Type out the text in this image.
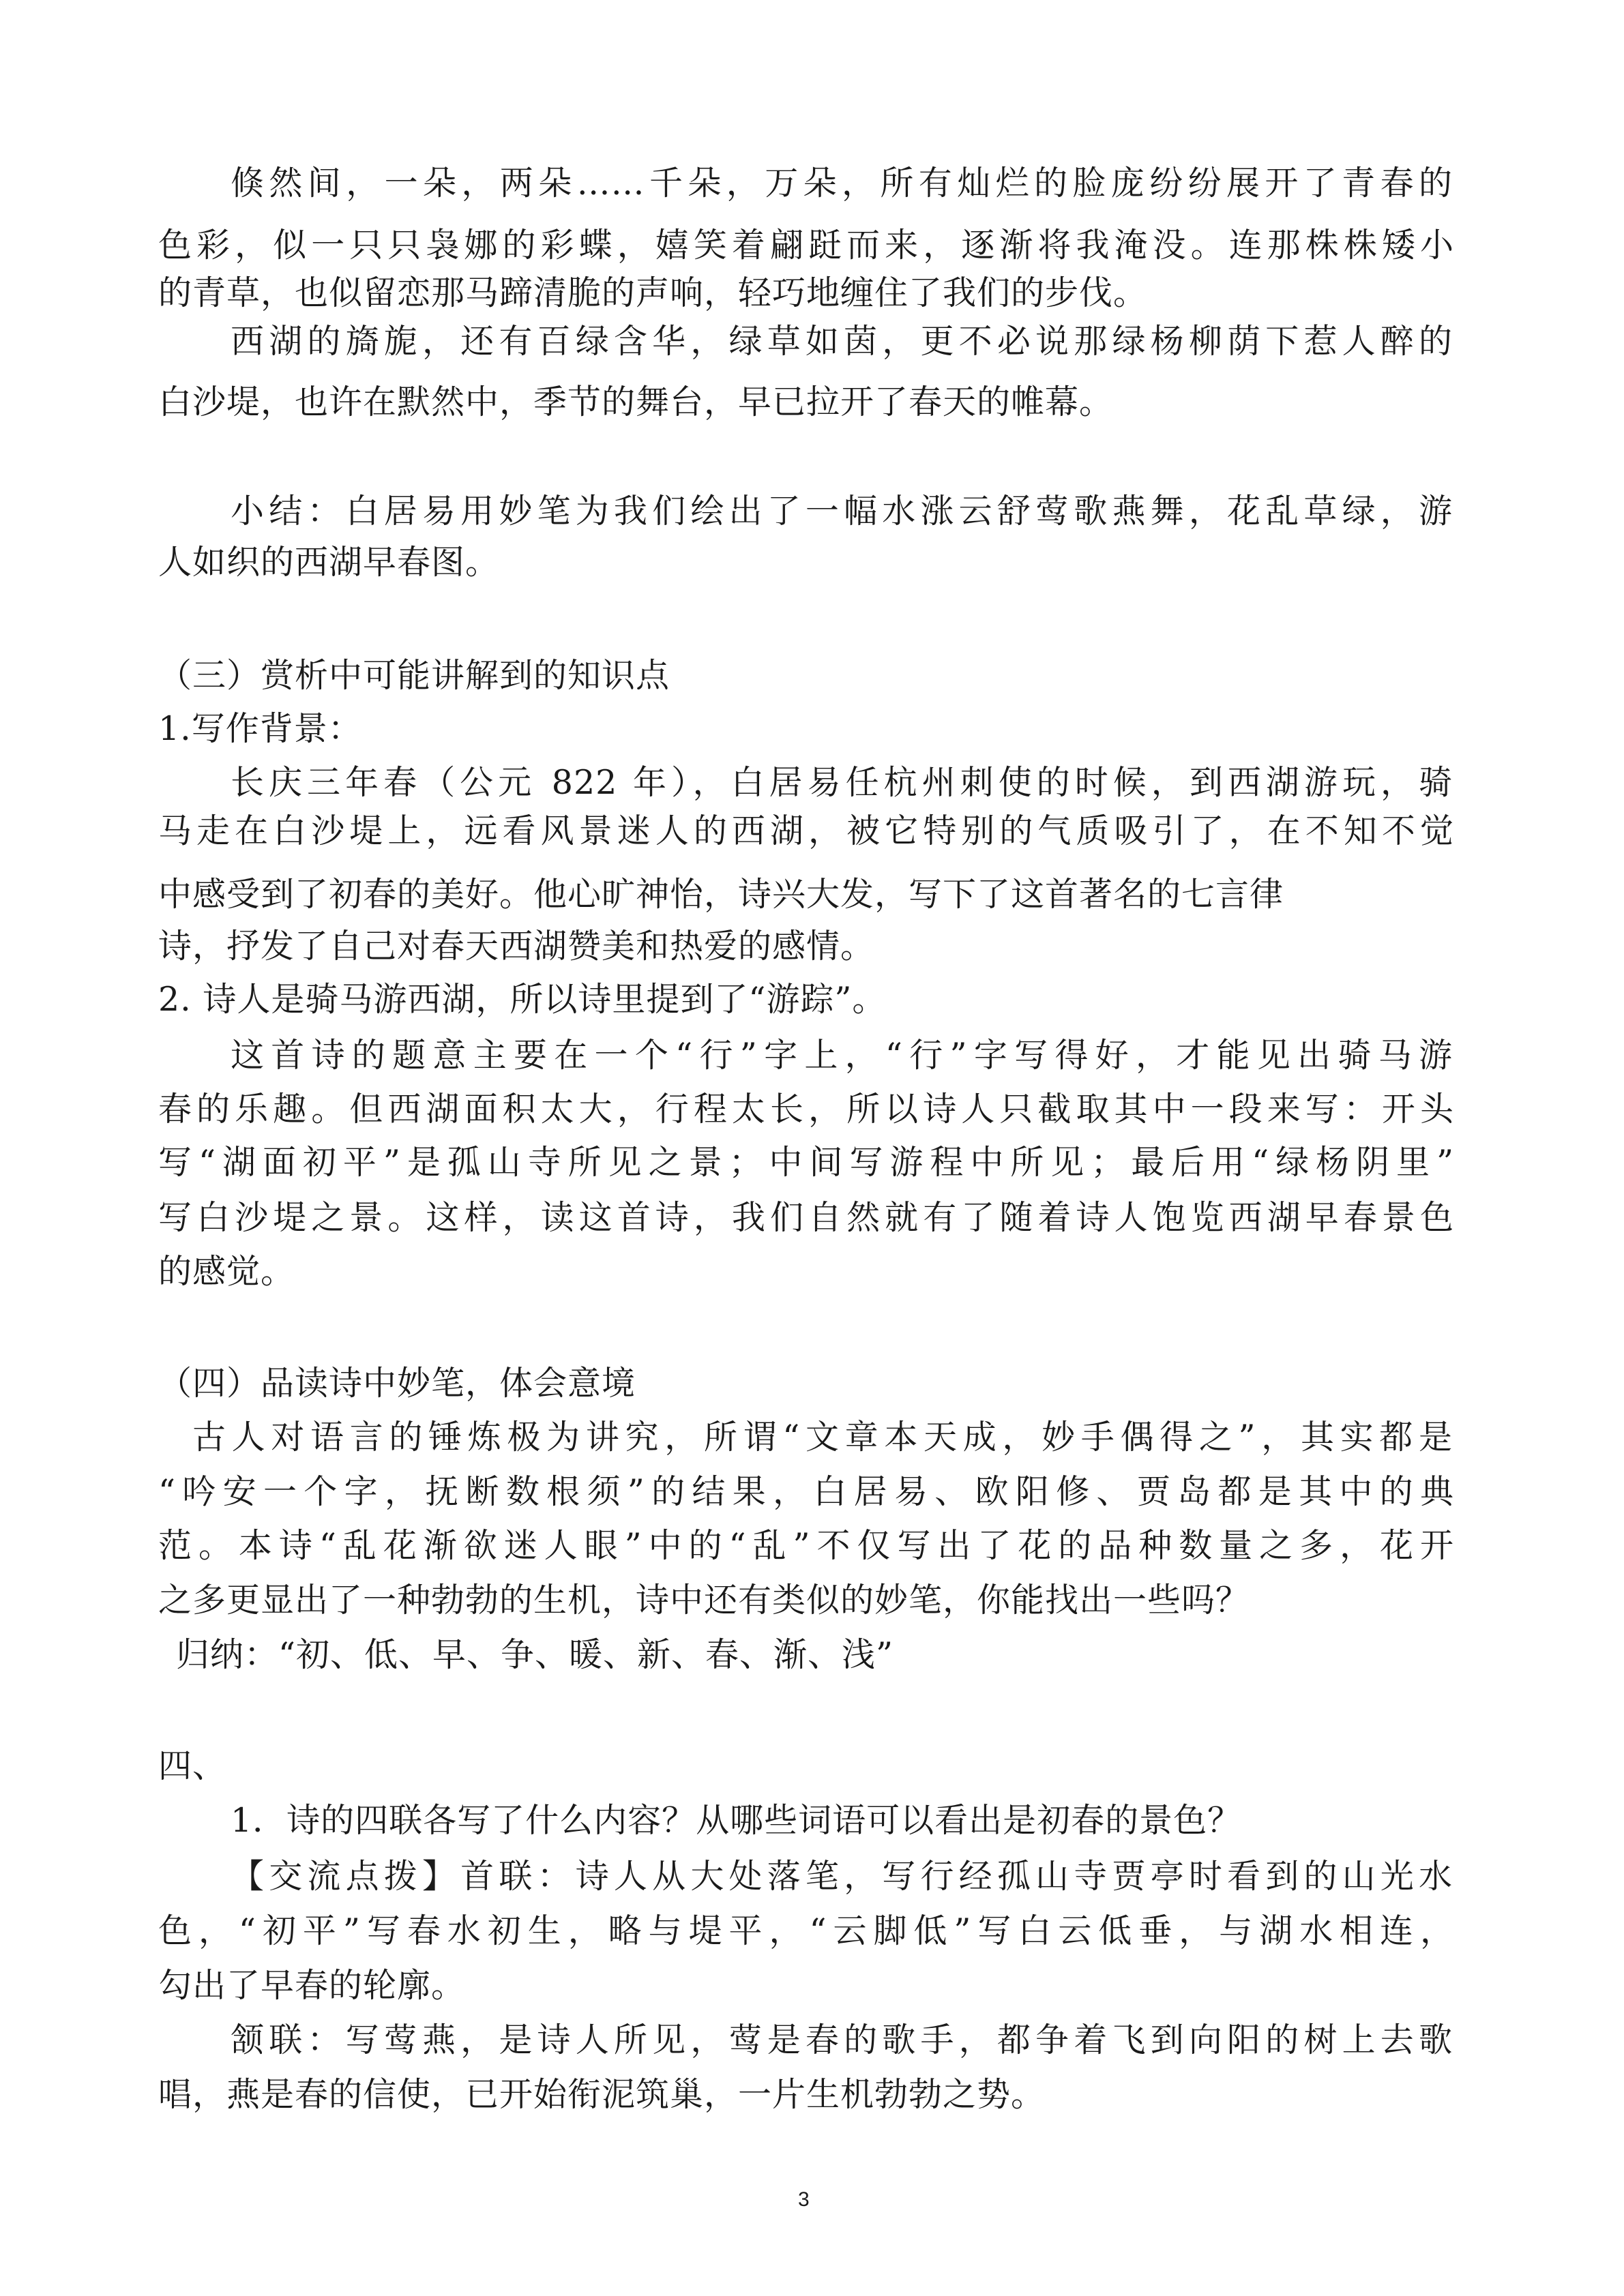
倏然间，一朵，两朵……千朵，万朵，所有灿烂的脸庞纷纷展开了青春的
色彩，似一只只袅娜的彩蝶，嬉笑着翩跹而来，逐渐将我淹没。连那株株矮小
的青草，也似留恋那马蹄清脆的声响，轻巧地缠住了我们的步伐。
西湖的旖旎，还有百绿含华，绿草如茵，更不必说那绿杨柳荫下惹人醉的
白沙堤，也许在默然中，季节的舞台，早已拉开了春天的帷幕。
小结：白居易用妙笔为我们绘出了一幅水涨云舒莺歌燕舞，花乱草绿，游
人如织的西湖早春图。
（三）赏析中可能讲解到的知识点
1.写作背景：
长庆三年春（公元 822 年），白居易任杭州刺使的时候，到西湖游玩，骑
马走在白沙堤上，远看风景迷人的西湖，被它特别的气质吸引了，在不知不觉
中感受到了初春的美好。他心旷神怡，诗兴大发，写下了这首著名的七言律
诗，抒发了自己对春天西湖赞美和热爱的感情。
2. 诗人是骑马游西湖，所以诗里提到了“游踪”。
这首诗的题意主要在一个“行”字上，“行”字写得好，才能见出骑马游
春的乐趣。但西湖面积太大，行程太长，所以诗人只截取其中一段来写：开头
写“湖面初平”是孤山寺所见之景；中间写游程中所见；最后用“绿杨阴里”
写白沙堤之景。这样，读这首诗，我们自然就有了随着诗人饱览西湖早春景色
的感觉。
（四）品读诗中妙笔，体会意境
古人对语言的锤炼极为讲究，所谓“文章本天成，妙手偶得之”，其实都是
“吟安一个字，抚断数根须”的结果，白居易、欧阳修、贾岛都是其中的典
范。本诗“乱花渐欲迷人眼”中的“乱”不仅写出了花的品种数量之多，花开
之多更显出了一种勃勃的生机，诗中还有类似的妙笔，你能找出一些吗？
归纳：“初、低、早、争、暖、新、春、渐、浅”
四、
1．诗的四联各写了什么内容？从哪些词语可以看出是初春的景色？
【交流点拨】首联：诗人从大处落笔，写行经孤山寺贾亭时看到的山光水
色，“初平”写春水初生，略与堤平，“云脚低”写白云低垂，与湖水相连，
勾出了早春的轮廓。
颔联：写莺燕，是诗人所见，莺是春的歌手，都争着飞到向阳的树上去歌
唱，燕是春的信使，已开始衔泥筑巢，一片生机勃勃之势。
3
